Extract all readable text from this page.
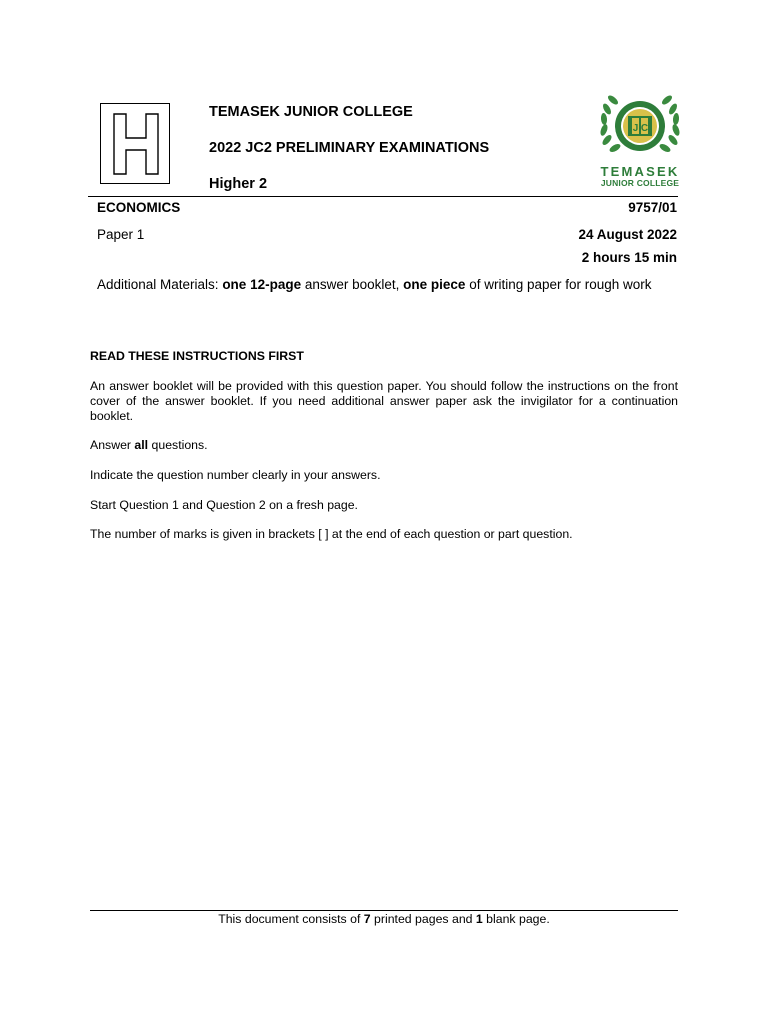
TEMASEK JUNIOR COLLEGE
2022 JC2 PRELIMINARY EXAMINATIONS
Higher 2
J C
TEMASEK
JUNIOR COLLEGE
ECONOMICS	9757/01
Paper 1	24 August 2022
2 hours 15 min
Additional Materials: one 12-page answer booklet, one piece of writing paper for rough work
READ THESE INSTRUCTIONS FIRST
An answer booklet will be provided with this question paper. You should follow the instructions on the front cover of the answer booklet. If you need additional answer paper ask the invigilator for a continuation booklet.
Answer all questions.
Indicate the question number clearly in your answers.
Start Question 1 and Question 2 on a fresh page.
The number of marks is given in brackets [ ] at the end of each question or part question.
This document consists of 7 printed pages and 1 blank page.
